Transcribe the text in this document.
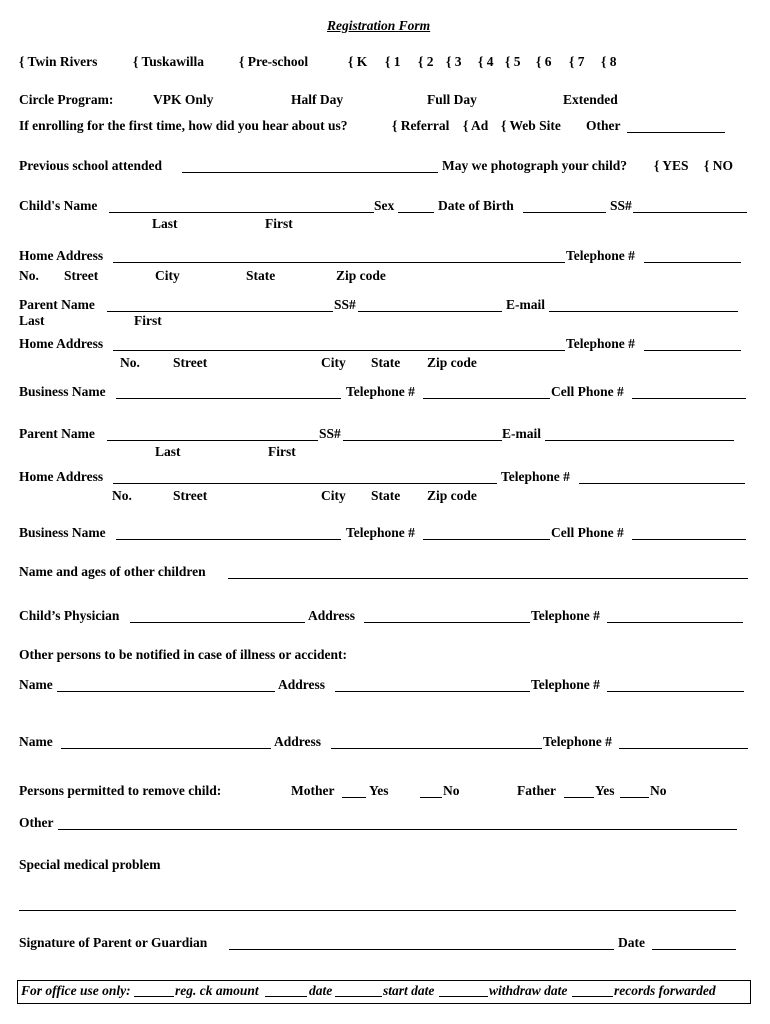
Registration Form
{ Twin Rivers	{ Tuskawilla	{ Pre-school	{ K { 1 { 2 { 3 { 4 { 5 { 6 { 7 { 8
Circle Program:	VPK Only	Half Day	Full Day	Extended
If enrolling for the first time, how did you hear about us?	{ Referral { Ad { Web Site Other
Previous school attended	May we photograph your child? { YES { NO
Child's Name	Sex	Date of Birth	SS#
Last	First
Home Address	Telephone #
No. Street	City	State	Zip code
Parent Name	SS#	E-mail
Last	First
Home Address	Telephone #
No. Street	City State Zip code
Business Name	Telephone #	Cell Phone #
Parent Name	SS#	E-mail
Last	First
Home Address	Telephone #
No.	Street	City State Zip code
Business Name	Telephone #	Cell Phone #
Name and ages of other children
Child’s Physician	Address	Telephone #
Other persons to be notified in case of illness or accident:
Name	Address	Telephone #
Name	Address	Telephone #
Persons permitted to remove child:	Mother	Yes	No	Father	Yes	No
Other
Special medical problem
Signature of Parent or Guardian	Date
For office use only:	reg. ck amount	date	start date	withdraw date	records forwarded
